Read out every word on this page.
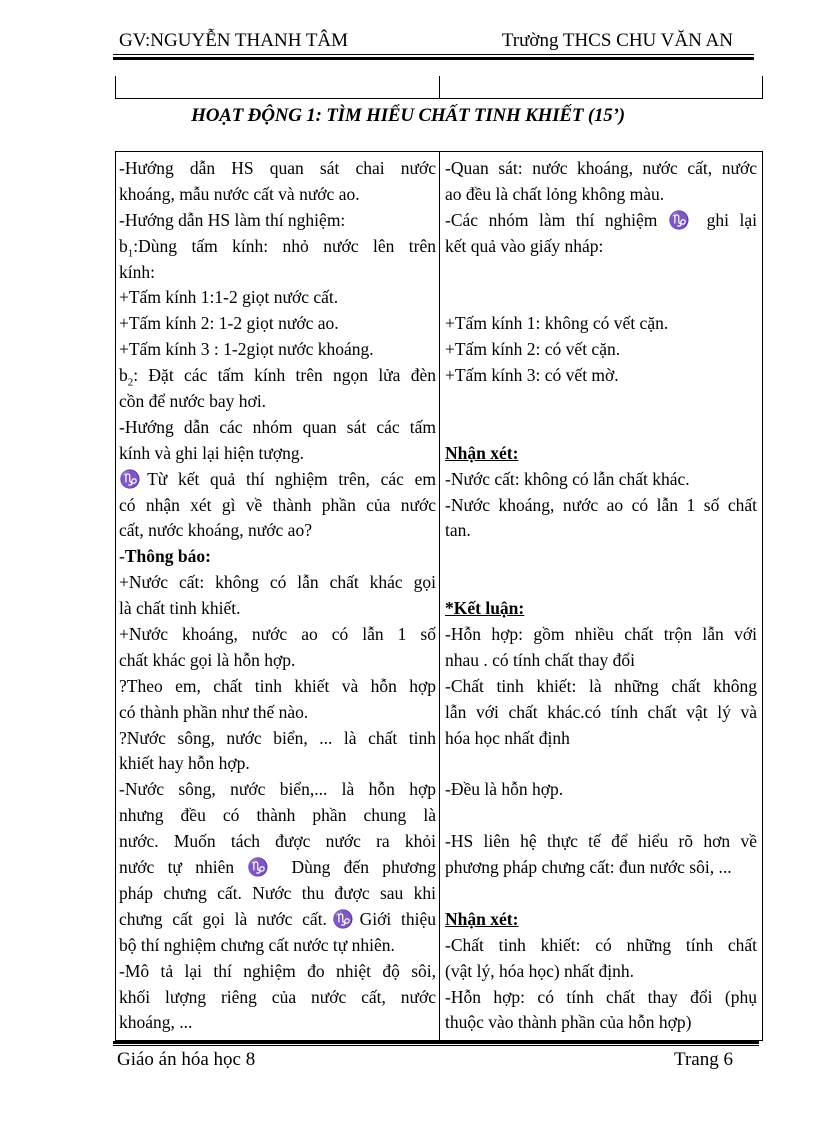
GV:NGUYỄN THANH TÂM	Trường THCS CHU VĂN AN
HOẠT ĐỘNG 1: TÌM HIỂU CHẤT TINH KHIẾT (15’)
-Hướng dẫn HS quan sát chai nước
khoáng, mẫu nước cất và nước ao.
-Hướng dẫn HS làm thí nghiệm:
$b_1:Dùng$ tấm kính: nhỏ nước lên trên
kính:
+Tấm kính 1:1-2 giọt nước cất.
+Tấm kính 2: 1-2 giọt nước ao.
+Tấm kính 3 : 1-2giọt nước khoáng.
$b_2$: Đặt các tấm kính trên ngọn lửa đèn
cồn để nước bay hơi.
-Hướng dẫn các nhóm quan sát các tấm
kính và ghi lại hiện tượng.
♑Từ kết quả thí nghiệm trên, các em
có nhận xét gì về thành phần của nước
cất, nước khoáng, nước ao?
-Thông báo:
+Nước cất: không có lẫn chất khác gọi
là chất tinh khiết.
+Nước khoáng, nước ao có lẫn 1 số
chất khác gọi là hỗn hợp.
?Theo em, chất tinh khiết và hỗn hợp
có thành phần như thế nào.
?Nước sông, nước biển, ... là chất tinh
khiết hay hỗn hợp.
-Nước sông, nước biển,... là hỗn hợp
nhưng đều có thành phần chung là
nước. Muốn tách được nước ra khỏi
nước tự nhiên ♑ Dùng đến phương
pháp chưng cất. Nước thu được sau khi
chưng cất gọi là nước cất.♑Giới thiệu
bộ thí nghiệm chưng cất nước tự nhiên.
-Mô tả lại thí nghiệm đo nhiệt độ sôi,
khối lượng riêng của nước cất, nước
khoáng, ...
-Quan sát: nước khoáng, nước cất, nước
ao đều là chất lỏng không màu.
-Các nhóm làm thí nghiệm ♑ ghi lại
kết quả vào giấy nháp:

+Tấm kính 1: không có vết cặn.
+Tấm kính 2: có vết cặn.
+Tấm kính 3: có vết mờ.

Nhận xét:
-Nước cất: không có lẫn chất khác.
-Nước khoáng, nước ao có lẫn 1 số chất
tan.

*Kết luận:
-Hỗn hợp: gồm nhiều chất trộn lẫn với
nhau . có tính chất thay đổi
-Chất tinh khiết: là những chất không
lẫn với chất khác.có tính chất vật lý và
hóa học nhất định

-Đều là hỗn hợp.

-HS liên hệ thực tế để hiểu rõ hơn về
phương pháp chưng cất: đun nước sôi, ...

Nhận xét:
-Chất tinh khiết: có những tính chất
(vật lý, hóa học) nhất định.
-Hỗn hợp: có tính chất thay đổi (phụ
thuộc vào thành phần của hỗn hợp)
Giáo án hóa học 8	Trang 6
